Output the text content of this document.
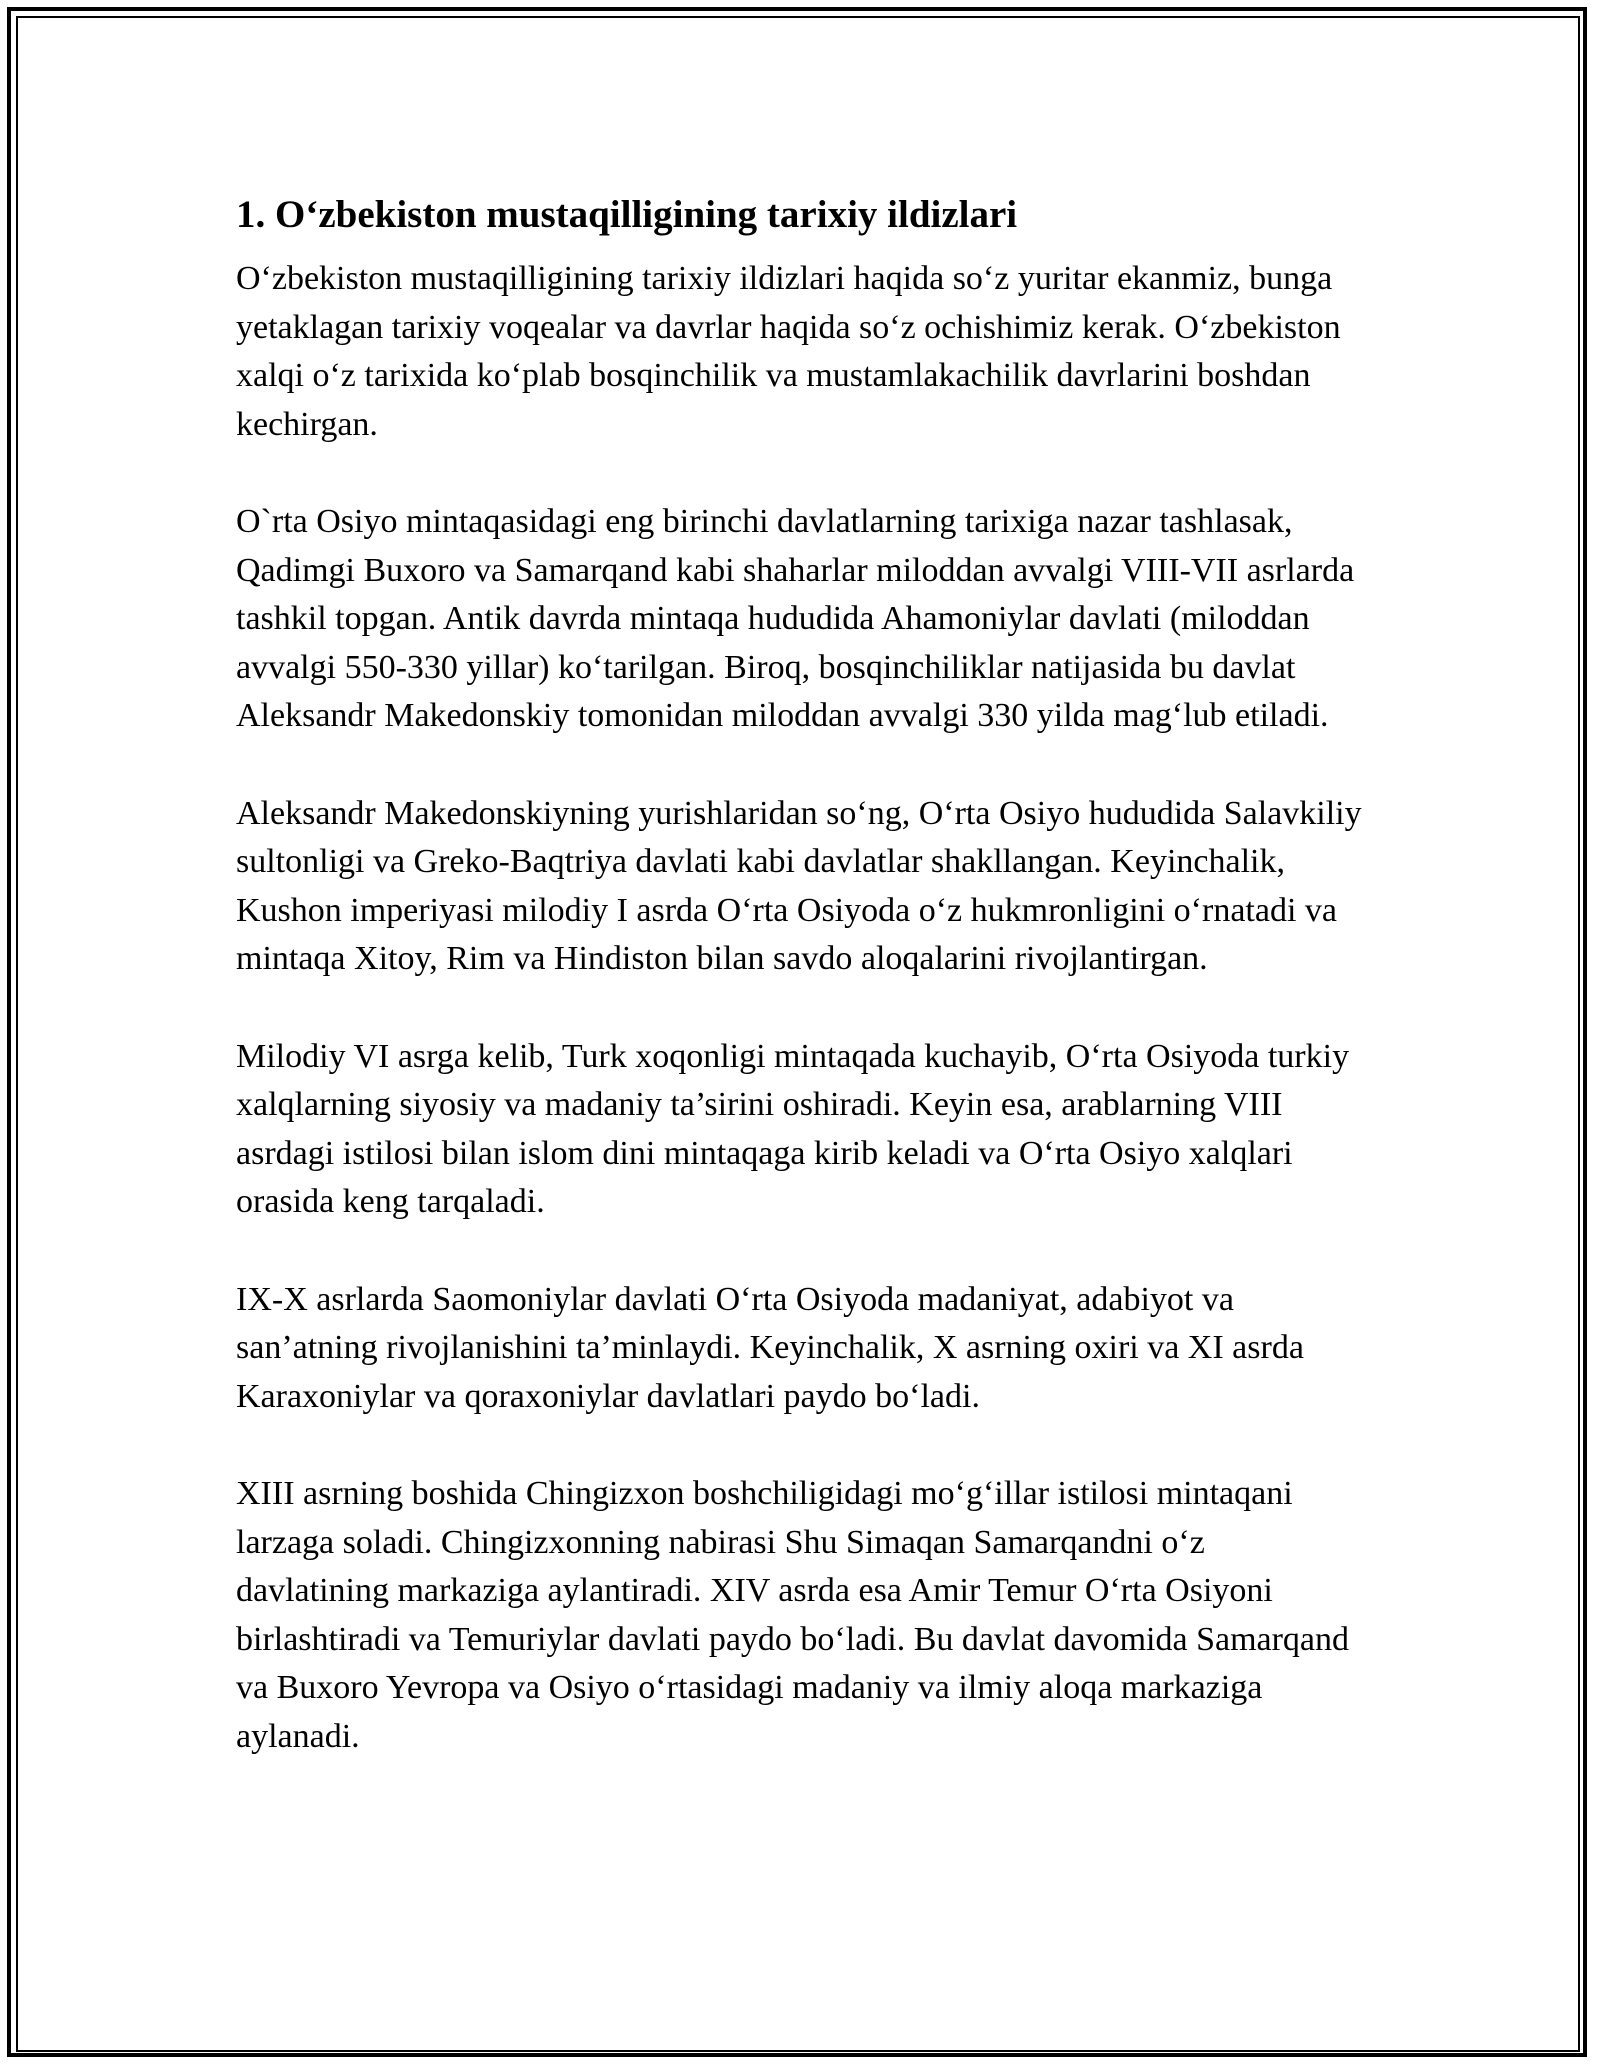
1. O‘zbekiston mustaqilligining tarixiy ildizlari

O‘zbekiston mustaqilligining tarixiy ildizlari haqida so‘z yuritar ekanmiz, bunga yetaklagan tarixiy voqealar va davrlar haqida so‘z ochishimiz kerak. O‘zbekiston xalqi o‘z tarixida ko‘plab bosqinchilik va mustamlakachilik davrlarini boshdan kechirgan.

O`rta Osiyo mintaqasidagi eng birinchi davlatlarning tarixiga nazar tashlasak, Qadimgi Buxoro va Samarqand kabi shaharlar miloddan avvalgi VIII-VII asrlarda tashkil topgan. Antik davrda mintaqa hududida Ahamoniylar davlati (miloddan avvalgi 550-330 yillar) ko‘tarilgan. Biroq, bosqinchiliklar natijasida bu davlat Aleksandr Makedonskiy tomonidan miloddan avvalgi 330 yilda mag‘lub etiladi.

Aleksandr Makedonskiyning yurishlaridan so‘ng, O‘rta Osiyo hududida Salavkiliy sultonligi va Greko-Baqtriya davlati kabi davlatlar shakllangan. Keyinchalik, Kushon imperiyasi milodiy I asrda O‘rta Osiyoda o‘z hukmronligini o‘rnatadi va mintaqa Xitoy, Rim va Hindiston bilan savdo aloqalarini rivojlantirgan.

Milodiy VI asrga kelib, Turk xoqonligi mintaqada kuchayib, O‘rta Osiyoda turkiy xalqlarning siyosiy va madaniy ta’sirini oshiradi. Keyin esa, arablarning VIII asrdagi istilosi bilan islom dini mintaqaga kirib keladi va O‘rta Osiyo xalqlari orasida keng tarqaladi.

IX-X asrlarda Saomoniylar davlati O‘rta Osiyoda madaniyat, adabiyot va san’atning rivojlanishini ta’minlaydi. Keyinchalik, X asrning oxiri va XI asrda Karaxoniylar va qoraxoniylar davlatlari paydo bo‘ladi.

XIII asrning boshida Chingizxon boshchiligidagi mo‘g‘illar istilosi mintaqani larzaga soladi. Chingizxonning nabirasi Shu Simaqan Samarqandni o‘z davlatining markaziga aylantiradi. XIV asrda esa Amir Temur O‘rta Osiyoni birlashtiradi va Temuriylar davlati paydo bo‘ladi. Bu davlat davomida Samarqand va Buxoro Yevropa va Osiyo o‘rtasidagi madaniy va ilmiy aloqa markaziga aylanadi.
